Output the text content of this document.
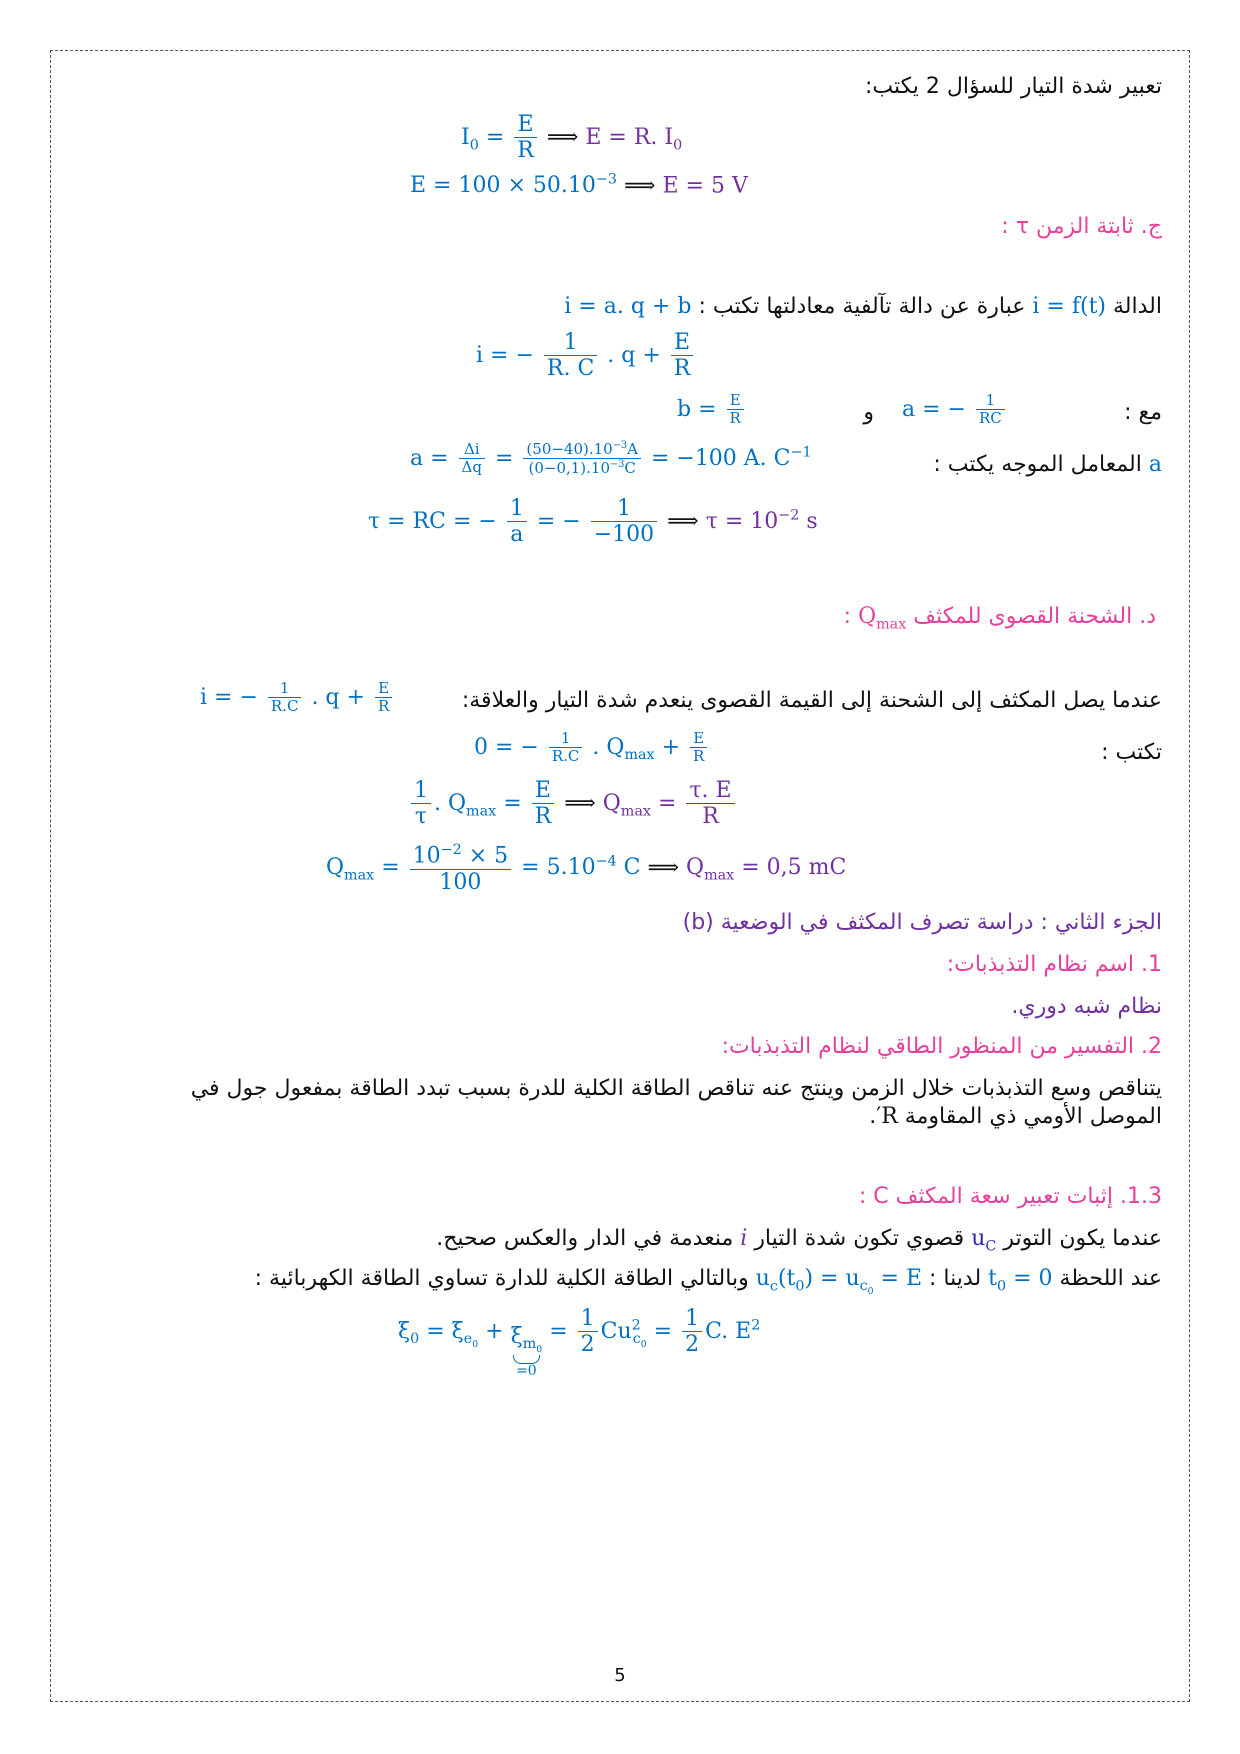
تعبير شدة التيار للسؤال 2 يكتب:
$I_0 = \frac{E}{R}$ ⟹ E = R. $I_0$
$E = 100 \times 50.10^{-3}$ ⟹ E = 5 V
ج. ثابتة الزمن τ :
الدالة i = f(t) عبارة عن دالة تآلفية معادلتها تكتب : i = a. q + b
i = − $\frac{1}{R. C}$ . $q + \frac{E}{R}$
مع :
a = − $\frac{1}{RC}$
و
$b = \frac{E}{R}$
a المعامل الموجه يكتب :
$a = \frac{\Delta i}{\Delta q} = \frac{(50-40).10^{-3}A}{(0-0,1).10^{-3}C} = -100$ A. $C^{-1}$
τ = RC = − $\frac{1}{a}$ = − $\frac{1}{-100}$ ⟹ $\tau = 10^{-2}$ s
د. الشحنة القصوى للمكثف $Q_{max}$ :
عندما يصل المكثف إلى الشحنة إلى القيمة القصوى ينعدم شدة التيار والعلاقة:
i = − $\frac{1}{R.C}$ . $q + \frac{E}{R}$
تكتب :
0 = − $\frac{1}{R.C}$ . $Q_{max} + \frac{E}{R}$
$\frac{1}{\tau}$ . $Q_{max} = \frac{E}{R}$ ⟹ $Q_{max} = \frac{\tau. E}{R}$
$Q_{max} = \frac{10^{-2} \times 5}{100} = 5.10^{-4}$ C ⟹ $Q_{max} = 0,5$ mC
الجزء الثاني : دراسة تصرف المكثف في الوضعية (b)
1. اسم نظام التذبذبات:
نظام شبه دوري.
2. التفسير من المنظور الطاقي لنظام التذبذبات:
يتناقص وسع التذبذبات خلال الزمن وينتج عنه تناقص الطاقة الكلية للدرة بسبب تبدد الطاقة بمفعول جول في
الموصل الأومي ذي المقاومة R′.
1.3. إثبات تعبير سعة المكثف C :
عندما يكون التوتر $u_C$ قصوي تكون شدة التيار i منعدمة في الدار والعكس صحيح.
عند اللحظة $t_0 = 0$ لدينا : $u_c(t_0) = u_{c_0} = E$ وبالتالي الطاقة الكلية للدارة تساوي الطاقة الكهربائية :
$\xi_0 = \xi_{e_0} + \xi_{m_0}$
=0
= $\frac{1}{2} Cu^2_{c_0} = \frac{1}{2} C$. $E^2$
5
